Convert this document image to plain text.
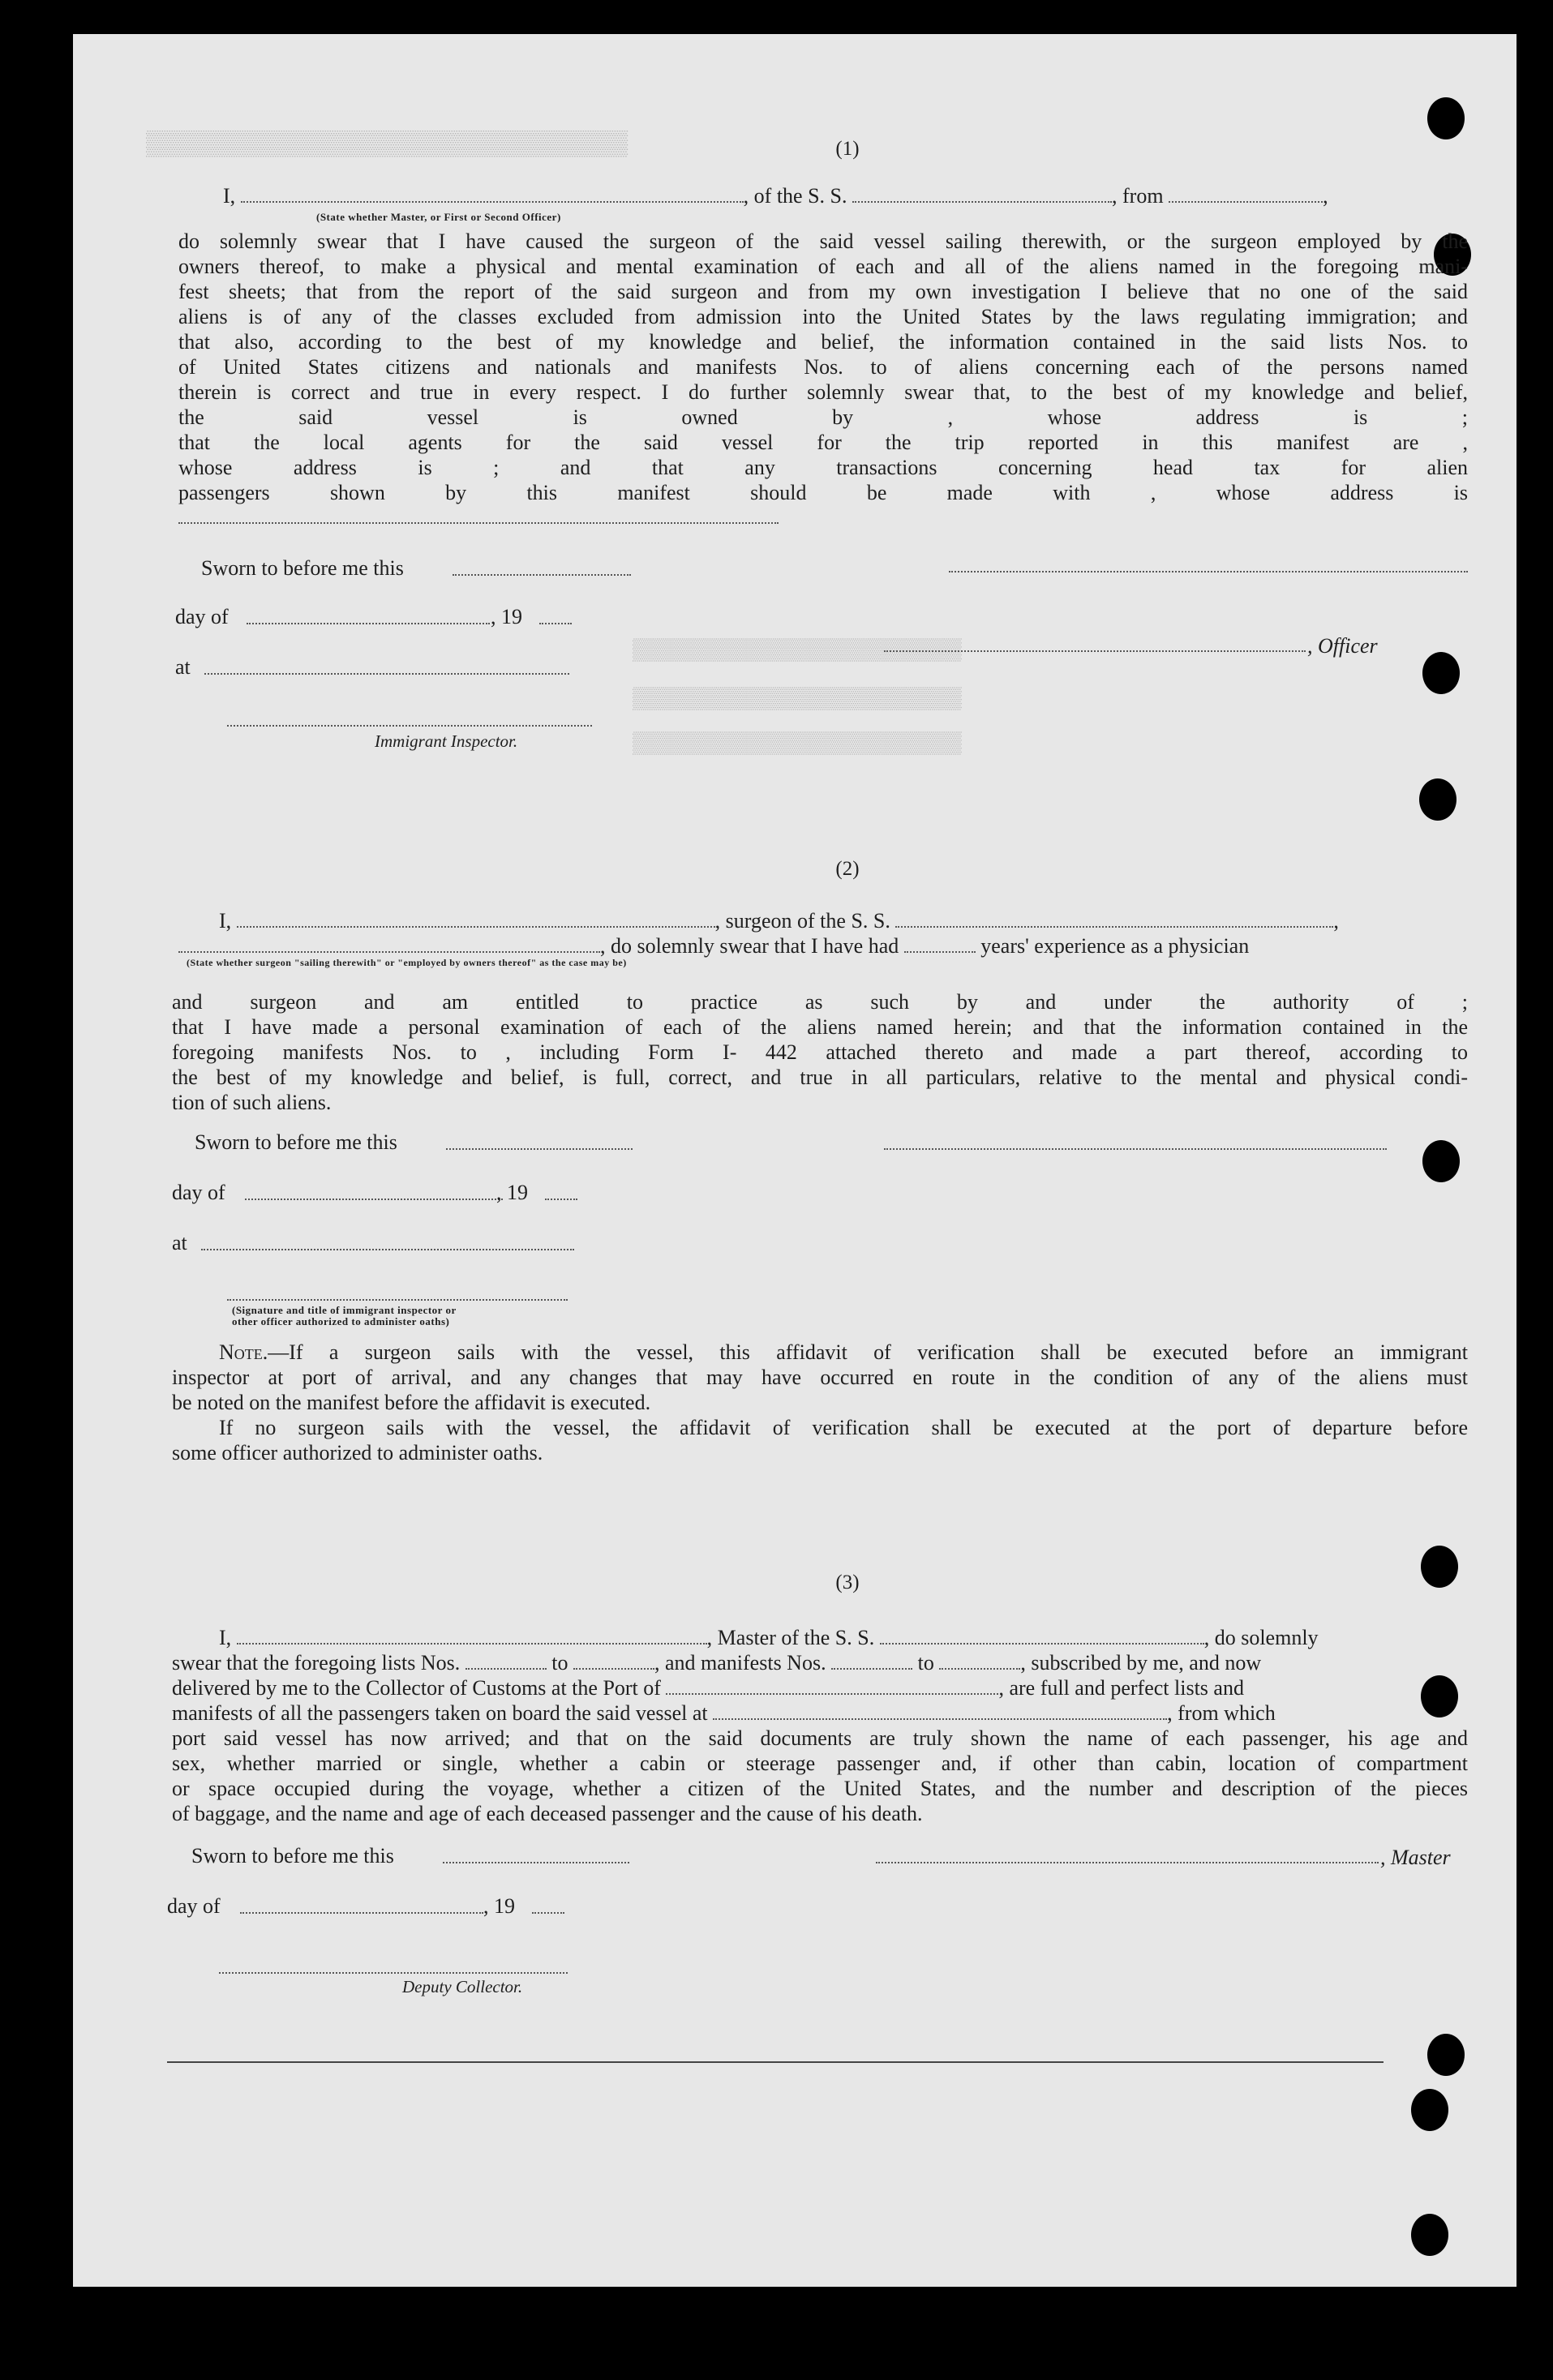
▒▒▒▒▒▒▒▒▒▒▒▒▒▒▒▒▒▒▒▒▒▒▒▒▒▒▒▒▒▒▒▒▒
▒▒▒▒▒▒▒▒▒▒▒▒▒▒▒▒▒▒▒▒▒▒▒▒▒▒
▒▒▒▒▒▒▒▒▒▒▒▒▒▒▒▒▒▒▒▒▒▒▒▒▒▒
▒▒▒▒▒▒▒▒▒▒▒▒▒▒▒▒▒▒▒▒▒▒▒▒▒▒
(1)
I,	, of the S. S.	, from	,
(State whether Master, or First or Second Officer)
do solemnly swear that I have caused the surgeon of the said vessel sailing therewith, or the surgeon employed by the
owners thereof, to make a physical and mental examination of each and all of the aliens named in the foregoing mani-
fest sheets; that from the report of the said surgeon and from my own investigation I believe that no one of the said
aliens is of any of the classes excluded from admission into the United States by the laws regulating immigration; and
that also, according to the best of my knowledge and belief, the information contained in the said lists Nos. to
of United States citizens and nationals and manifests Nos. to of aliens concerning each of the persons named
therein is correct and true in every respect. I do further solemnly swear that, to the best of my knowledge and belief,
the said vessel is owned by , whose address is ;
that the local agents for the said vessel for the trip reported in this manifest are ,
whose address is ; and that any transactions concerning head tax for alien
passengers shown by this manifest should be made with , whose address is
Sworn to before me this
day of	, 19
at
, Officer
Immigrant Inspector.
(2)
I,	, surgeon of the S. S.	,
, do solemnly swear that I have had	years' experience as a physician
(State whether surgeon "sailing therewith" or "employed by owners thereof" as the case may be)
and surgeon and am entitled to practice as such by and under the authority of ;
that I have made a personal examination of each of the aliens named herein; and that the information contained in the
foregoing manifests Nos. to , including Form I- 442 attached thereto and made a part thereof, according to
the best of my knowledge and belief, is full, correct, and true in all particulars, relative to the mental and physical condi-
tion of such aliens.
Sworn to before me this
day of	, 19
at
(Signature and title of immigrant inspector or
other officer authorized to administer oaths)
Note.—If a surgeon sails with the vessel, this affidavit of verification shall be executed before an immigrant
inspector at port of arrival, and any changes that may have occurred en route in the condition of any of the aliens must
be noted on the manifest before the affidavit is executed.
If no surgeon sails with the vessel, the affidavit of verification shall be executed at the port of departure before
some officer authorized to administer oaths.
(3)
I,	, Master of the S. S.	, do solemnly
swear that the foregoing lists Nos.	to	, and manifests Nos.	to	, subscribed by me, and now
delivered by me to the Collector of Customs at the Port of	, are full and perfect lists and
manifests of all the passengers taken on board the said vessel at	, from which
port said vessel has now arrived; and that on the said documents are truly shown the name of each passenger, his age and
sex, whether married or single, whether a cabin or steerage passenger and, if other than cabin, location of compartment
or space occupied during the voyage, whether a citizen of the United States, and the number and description of the pieces
of baggage, and the name and age of each deceased passenger and the cause of his death.
Sworn to before me this	, Master
day of	, 19
Deputy Collector.
